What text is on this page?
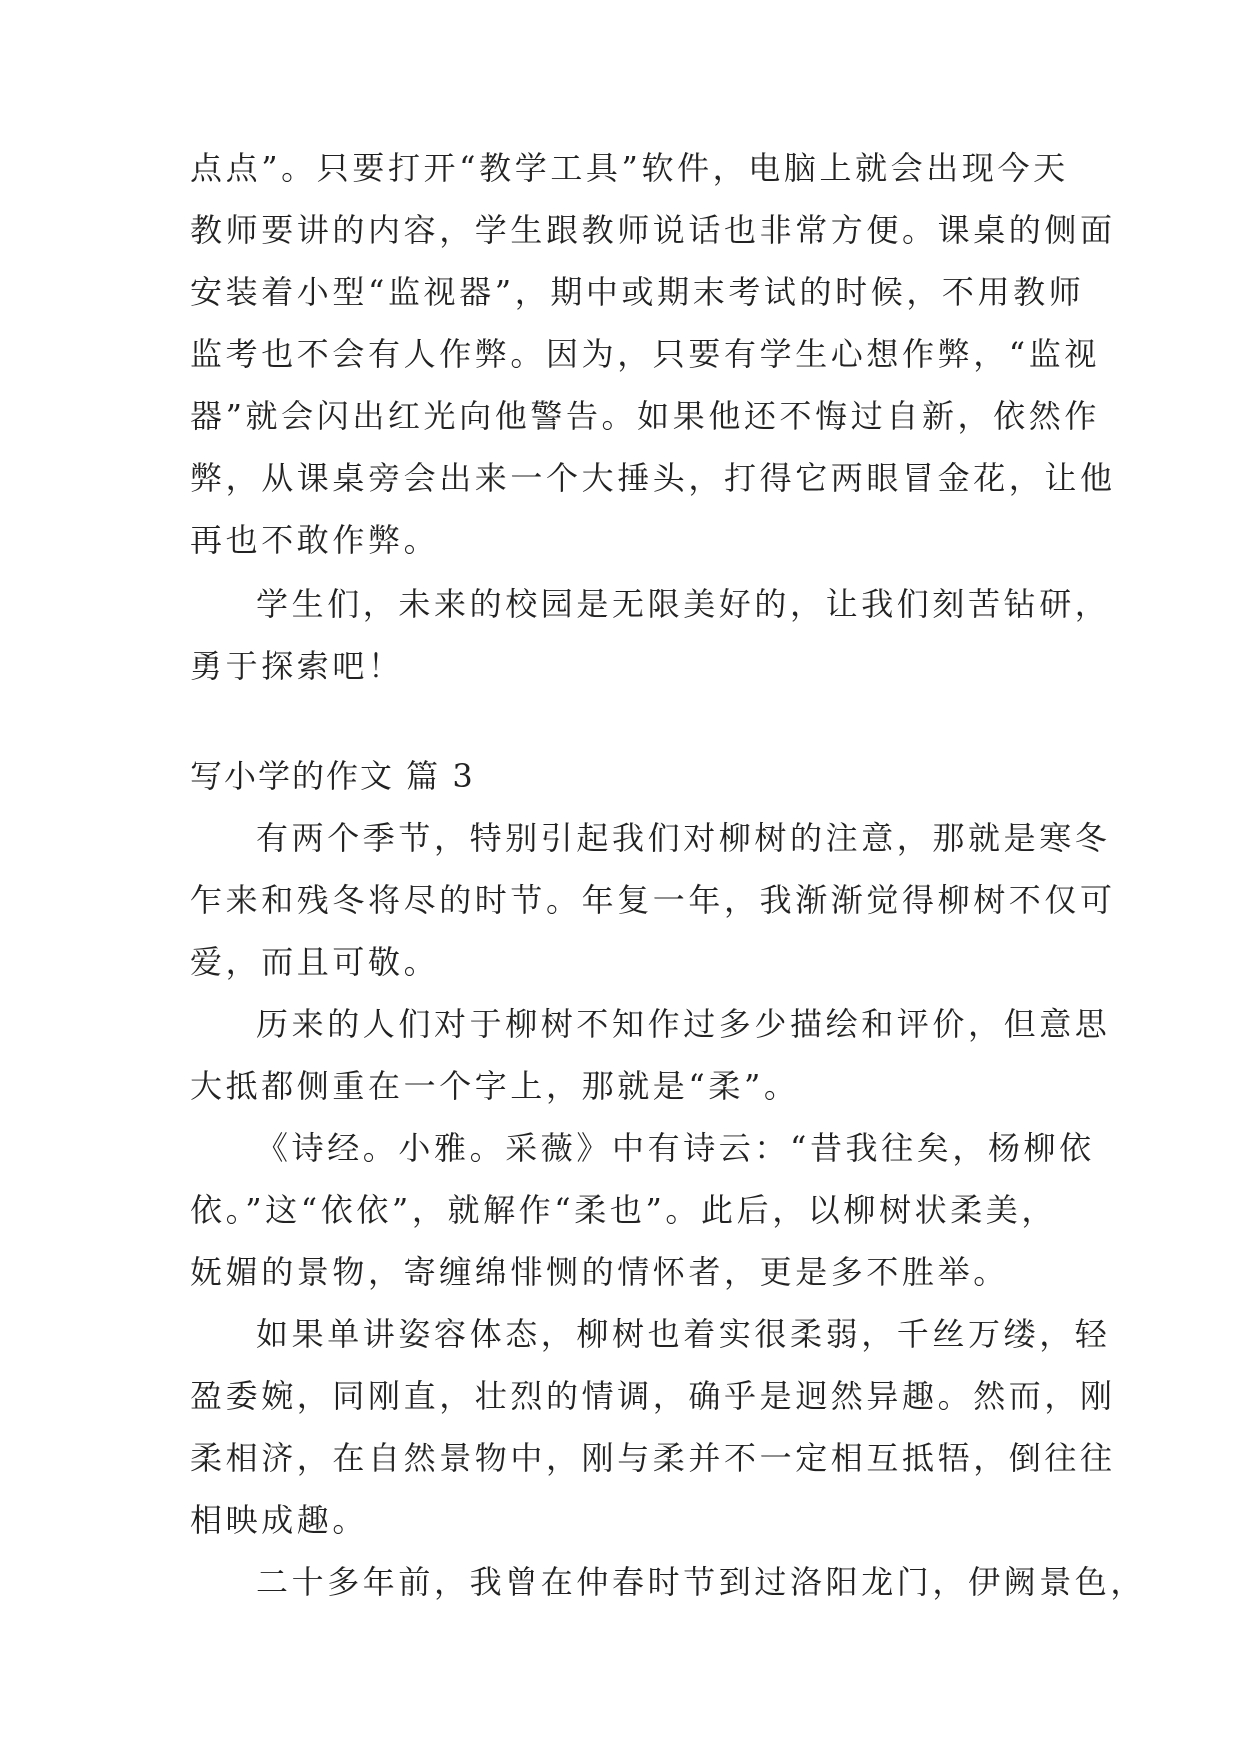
点点”。只要打开“教学工具”软件，电脑上就会出现今天
教师要讲的内容，学生跟教师说话也非常方便。课桌的侧面
安装着小型“监视器”，期中或期末考试的时候，不用教师
监考也不会有人作弊。因为，只要有学生心想作弊，“监视
器”就会闪出红光向他警告。如果他还不悔过自新，依然作
弊，从课桌旁会出来一个大捶头，打得它两眼冒金花，让他
再也不敢作弊。
学生们，未来的校园是无限美好的，让我们刻苦钻研，
勇于探索吧！
写小学的作文 篇 3
有两个季节，特别引起我们对柳树的注意，那就是寒冬
乍来和残冬将尽的时节。年复一年，我渐渐觉得柳树不仅可
爱，而且可敬。
历来的人们对于柳树不知作过多少描绘和评价，但意思
大抵都侧重在一个字上，那就是“柔”。
《诗经。小雅。采薇》中有诗云：“昔我往矣，杨柳依
依。”这“依依”，就解作“柔也”。此后，以柳树状柔美，
妩媚的景物，寄缠绵悱恻的情怀者，更是多不胜举。
如果单讲姿容体态，柳树也着实很柔弱，千丝万缕，轻
盈委婉，同刚直，壮烈的情调，确乎是迥然异趣。然而，刚
柔相济，在自然景物中，刚与柔并不一定相互抵牾，倒往往
相映成趣。
二十多年前，我曾在仲春时节到过洛阳龙门，伊阙景色，
